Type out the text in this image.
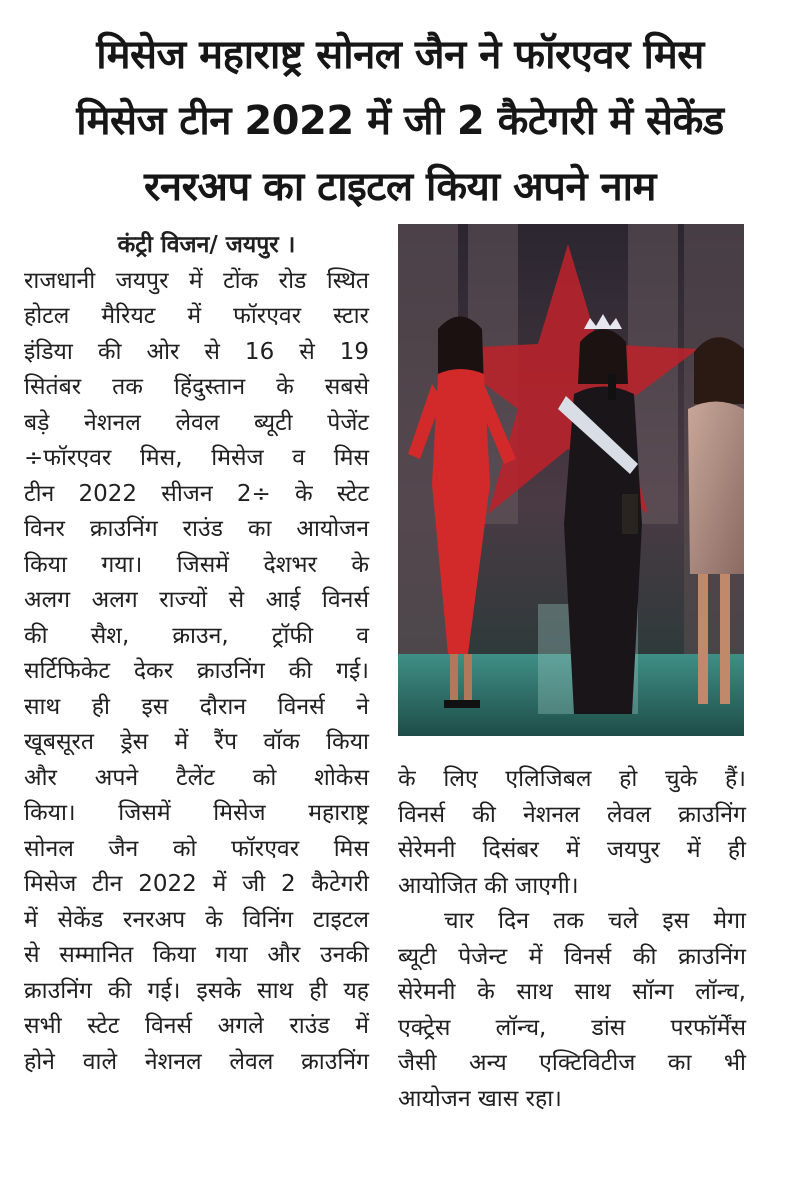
मिसेज महाराष्ट्र सोनल जैन ने फॉरएवर मिस
मिसेज टीन 2022 में जी 2 कैटेगरी में सेकेंड
रनरअप का टाइटल किया अपने नाम

कंट्री विजन/ जयपुर ।

राजधानी जयपुर में टोंक रोड स्थित

होटल मैरियट में फॉरएवर स्टार

इंडिया की ओर से 16 से 19

सितंबर तक हिंदुस्तान के सबसे

बड़े नेशनल लेवल ब्यूटी पेजेंट

÷फॉरएवर मिस, मिसेज व मिस

टीन 2022 सीजन 2÷ के स्टेट

विनर क्राउनिंग राउंड का आयोजन

किया गया। जिसमें देशभर के

अलग अलग राज्यों से आई विनर्स

की सैश, क्राउन, ट्रॉफी व

सर्टिफिकेट देकर क्राउनिंग की गई।

साथ ही इस दौरान विनर्स ने

खूबसूरत ड्रेस में रैंप वॉक किया

और अपने टैलेंट को शोकेस

किया। जिसमें मिसेज महाराष्ट्र

सोनल जैन को फॉरएवर मिस

मिसेज टीन 2022 में जी 2 कैटेगरी

में सेकेंड रनरअप के विनिंग टाइटल

से सम्मानित किया गया और उनकी

क्राउनिंग की गई। इसके साथ ही यह

सभी स्टेट विनर्स अगले राउंड में

होने वाले नेशनल लेवल क्राउनिंग

के लिए एलिजिबल हो चुके हैं।

विनर्स की नेशनल लेवल क्राउनिंग

सेरेमनी दिसंबर में जयपुर में ही

आयोजित की जाएगी।

चार दिन तक चले इस मेगा

ब्यूटी पेजेन्ट में विनर्स की क्राउनिंग

सेरेमनी के साथ साथ सॉन्ग लॉन्च,

एक्ट्रेस लॉन्च, डांस परफॉर्मेंस

जैसी अन्य एक्टिविटीज का भी

आयोजन खास रहा।
